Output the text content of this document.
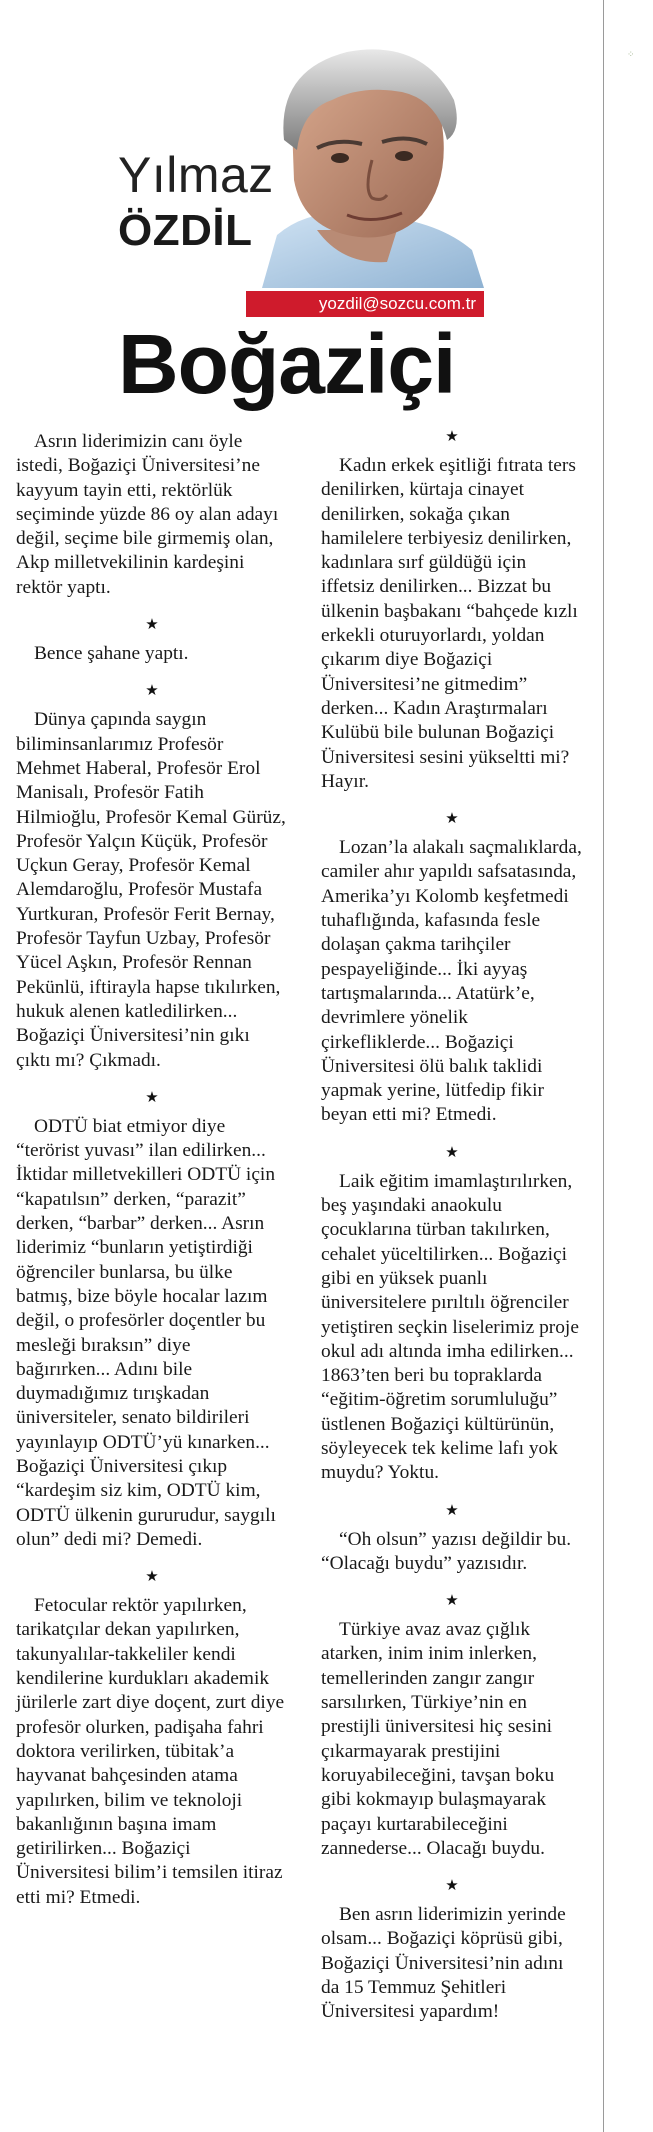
⁘
Yılmaz
ÖZDİL
yozdil@sozcu.com.tr
Boğaziçi

Asrın liderimizin canı öyle istedi, Boğaziçi Üniversitesi’ne kayyum tayin etti, rektörlük seçiminde yüzde 86 oy alan adayı değil, seçime bile girmemiş olan, Akp milletvekilinin kardeşini rektör yaptı.

★

Bence şahane yaptı.

★

Dünya çapında saygın biliminsanlarımız Profesör Mehmet Haberal, Profesör Erol Manisalı, Profesör Fatih Hilmioğlu, Profesör Kemal Gürüz, Profesör Yalçın Küçük, Profesör Uçkun Geray, Profesör Kemal Alemdaroğlu, Profesör Mustafa Yurtkuran, Profesör Ferit Bernay, Profesör Tayfun Uzbay, Profesör Yücel Aşkın, Profesör Rennan Pekünlü, iftirayla hapse tıkılırken, hukuk alenen katledilirken... Boğaziçi Üniversitesi’nin gıkı çıktı mı? Çıkmadı.

★

ODTÜ biat etmiyor diye “terörist yuvası” ilan edilirken... İktidar milletvekilleri ODTÜ için “kapatılsın” derken, “parazit” derken, “barbar” derken... Asrın liderimiz “bunların yetiştirdiği öğrenciler bunlarsa, bu ülke batmış, bize böyle hocalar lazım değil, o profesörler doçentler bu mesleği bıraksın” diye bağırırken... Adını bile duymadığımız tırışkadan üniversiteler, senato bildirileri yayınlayıp ODTÜ’yü kınarken... Boğaziçi Üniversitesi çıkıp “kardeşim siz kim, ODTÜ kim, ODTÜ ülkenin gururudur, saygılı olun” dedi mi? Demedi.

★

Fetocular rektör yapılırken, tarikatçılar dekan yapılırken, takunyalılar-takkeliler kendi kendilerine kurdukları akademik jürilerle zart diye doçent, zurt diye profesör olurken, padişaha fahri doktora verilirken, tübitak’a hayvanat bahçesinden atama yapılırken, bilim ve teknoloji bakanlığının başına imam getirilirken... Boğaziçi Üniversitesi bilim’i temsilen itiraz etti mi? Etmedi.

★

Kadın erkek eşitliği fıtrata ters denilirken, kürtaja cinayet denilirken, sokağa çıkan hamilelere terbiyesiz denilirken, kadınlara sırf güldüğü için iffetsiz denilirken... Bizzat bu ülkenin başbakanı “bahçede kızlı erkekli oturuyorlardı, yoldan çıkarım diye Boğaziçi Üniversitesi’ne gitmedim” derken... Kadın Araştırmaları Kulübü bile bulunan Boğaziçi Üniversitesi sesini yükseltti mi? Hayır.

★

Lozan’la alakalı saçmalıklarda, camiler ahır yapıldı safsatasında, Amerika’yı Kolomb keşfetmedi tuhaflığında, kafasında fesle dolaşan çakma tarihçiler pespayeliğinde... İki ayyaş tartışmalarında... Atatürk’e, devrimlere yönelik çirkefliklerde... Boğaziçi Üniversitesi ölü balık taklidi yapmak yerine, lütfedip fikir beyan etti mi? Etmedi.

★

Laik eğitim imamlaştırılırken, beş yaşındaki anaokulu çocuklarına türban takılırken, cehalet yüceltilirken... Boğaziçi gibi en yüksek puanlı üniversitelere pırıltılı öğrenciler yetiştiren seçkin liselerimiz proje okul adı altında imha edilirken... 1863’ten beri bu topraklarda “eğitim-öğretim sorumluluğu” üstlenen Boğaziçi kültürünün, söyleyecek tek kelime lafı yok muydu? Yoktu.

★

“Oh olsun” yazısı değildir bu. “Olacağı buydu” yazısıdır.

★

Türkiye avaz avaz çığlık atarken, inim inim inlerken, temellerinden zangır zangır sarsılırken, Türkiye’nin en prestijli üniversitesi hiç sesini çıkarmayarak prestijini koruyabileceğini, tavşan boku gibi kokmayıp bulaşmayarak paçayı kurtarabileceğini zannederse... Olacağı buydu.

★

Ben asrın liderimizin yerinde olsam... Boğaziçi köprüsü gibi, Boğaziçi Üniversitesi’nin adını da 15 Temmuz Şehitleri Üniversitesi yapardım!
